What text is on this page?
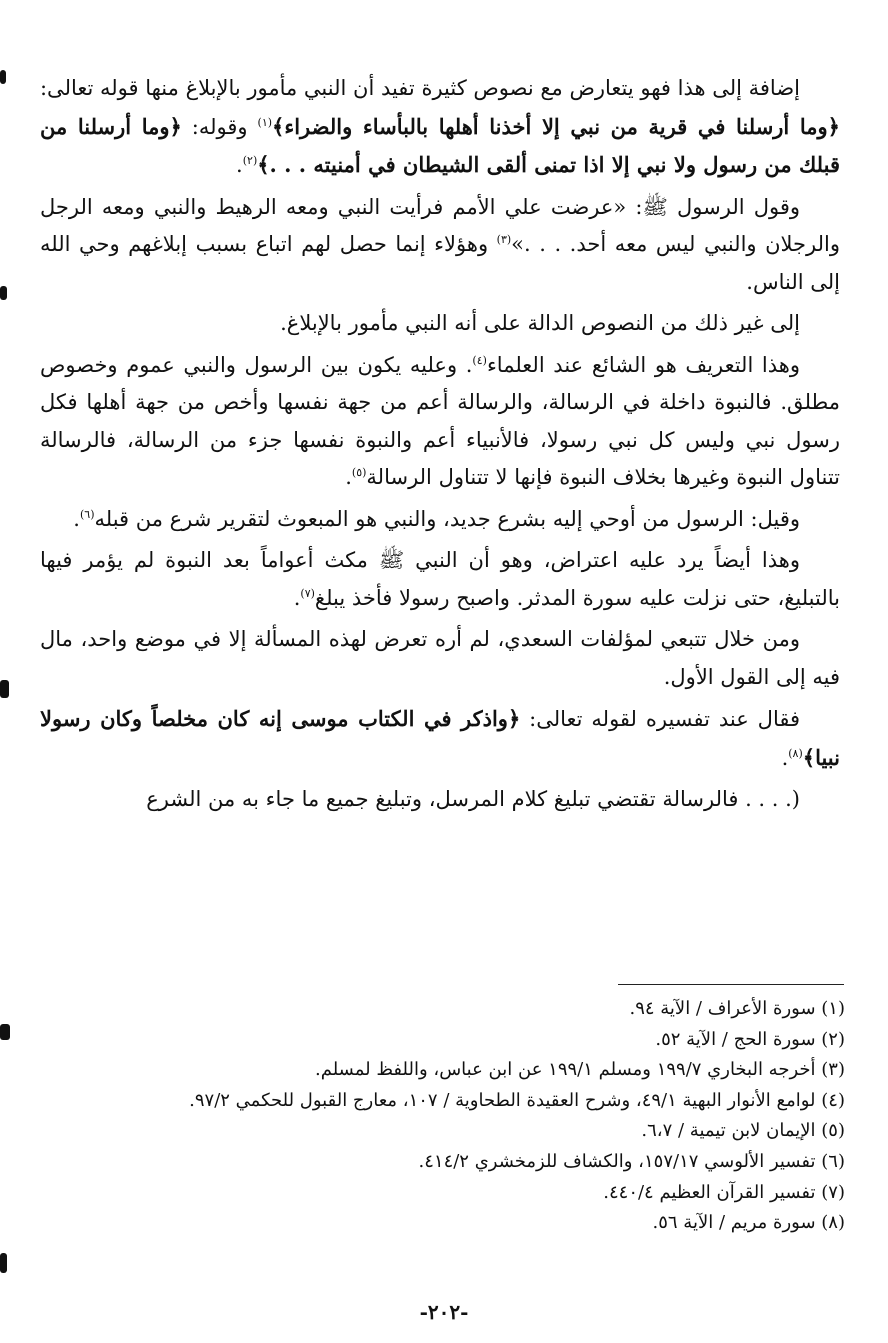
إضافة إلى هذا فهو يتعارض مع نصوص كثيرة تفيد أن النبي مأمور بالإبلاغ منها قوله تعالى: ﴿وما أرسلنا في قرية من نبي إلا أخذنا أهلها بالبأساء والضراء﴾$^{(١)}$ وقوله: ﴿وما أرسلنا من قبلك من رسول ولا نبي إلا اذا تمنى ألقى الشيطان في أمنيته . . .﴾$^{(٢)}$.

وقول الرسول ﷺ: «عرضت علي الأمم فرأيت النبي ومعه الرهيط والنبي ومعه الرجل والرجلان والنبي ليس معه أحد. . . .»$^{(٣)}$ وهؤلاء إنما حصل لهم اتباع بسبب إبلاغهم وحي الله إلى الناس.

إلى غير ذلك من النصوص الدالة على أنه النبي مأمور بالإبلاغ.

وهذا التعريف هو الشائع عند العلماء$^{(٤)}$. وعليه يكون بين الرسول والنبي عموم وخصوص مطلق. فالنبوة داخلة في الرسالة، والرسالة أعم من جهة نفسها وأخص من جهة أهلها فكل رسول نبي وليس كل نبي رسولا، فالأنبياء أعم والنبوة نفسها جزء من الرسالة، فالرسالة تتناول النبوة وغيرها بخلاف النبوة فإنها لا تتناول الرسالة$^{(٥)}$.

وقيل: الرسول من أوحي إليه بشرع جديد، والنبي هو المبعوث لتقرير شرع من قبله$^{(٦)}$.

وهذا أيضاً يرد عليه اعتراض، وهو أن النبي ﷺ مكث أعواماً بعد النبوة لم يؤمر فيها بالتبليغ، حتى نزلت عليه سورة المدثر. واصبح رسولا فأخذ يبلغ$^{(٧)}$.

ومن خلال تتبعي لمؤلفات السعدي، لم أره تعرض لهذه المسألة إلا في موضع واحد، مال فيه إلى القول الأول.

فقال عند تفسيره لقوله تعالى: ﴿واذكر في الكتاب موسى إنه كان مخلصاً وكان رسولا نبيا﴾$^{(٨)}$.

(. . . . فالرسالة تقتضي تبليغ كلام المرسل، وتبليغ جميع ما جاء به من الشرع

(١) سورة الأعراف / الآية ٩٤.
(٢) سورة الحج / الآية ٥٢.
(٣) أخرجه البخاري ١٩٩/٧ ومسلم ١٩٩/١ عن ابن عباس، واللفظ لمسلم.
(٤) لوامع الأنوار البهية ٤٩/١، وشرح العقيدة الطحاوية / ١٠٧، معارج القبول للحكمي ٩٧/٢.
(٥) الإيمان لابن تيمية / ٦،٧.
(٦) تفسير الألوسي ١٥٧/١٧، والكشاف للزمخشري ٤١٤/٢.
(٧) تفسير القرآن العظيم ٤٤٠/٤.
(٨) سورة مريم / الآية ٥٦.
-٢٠٢-
